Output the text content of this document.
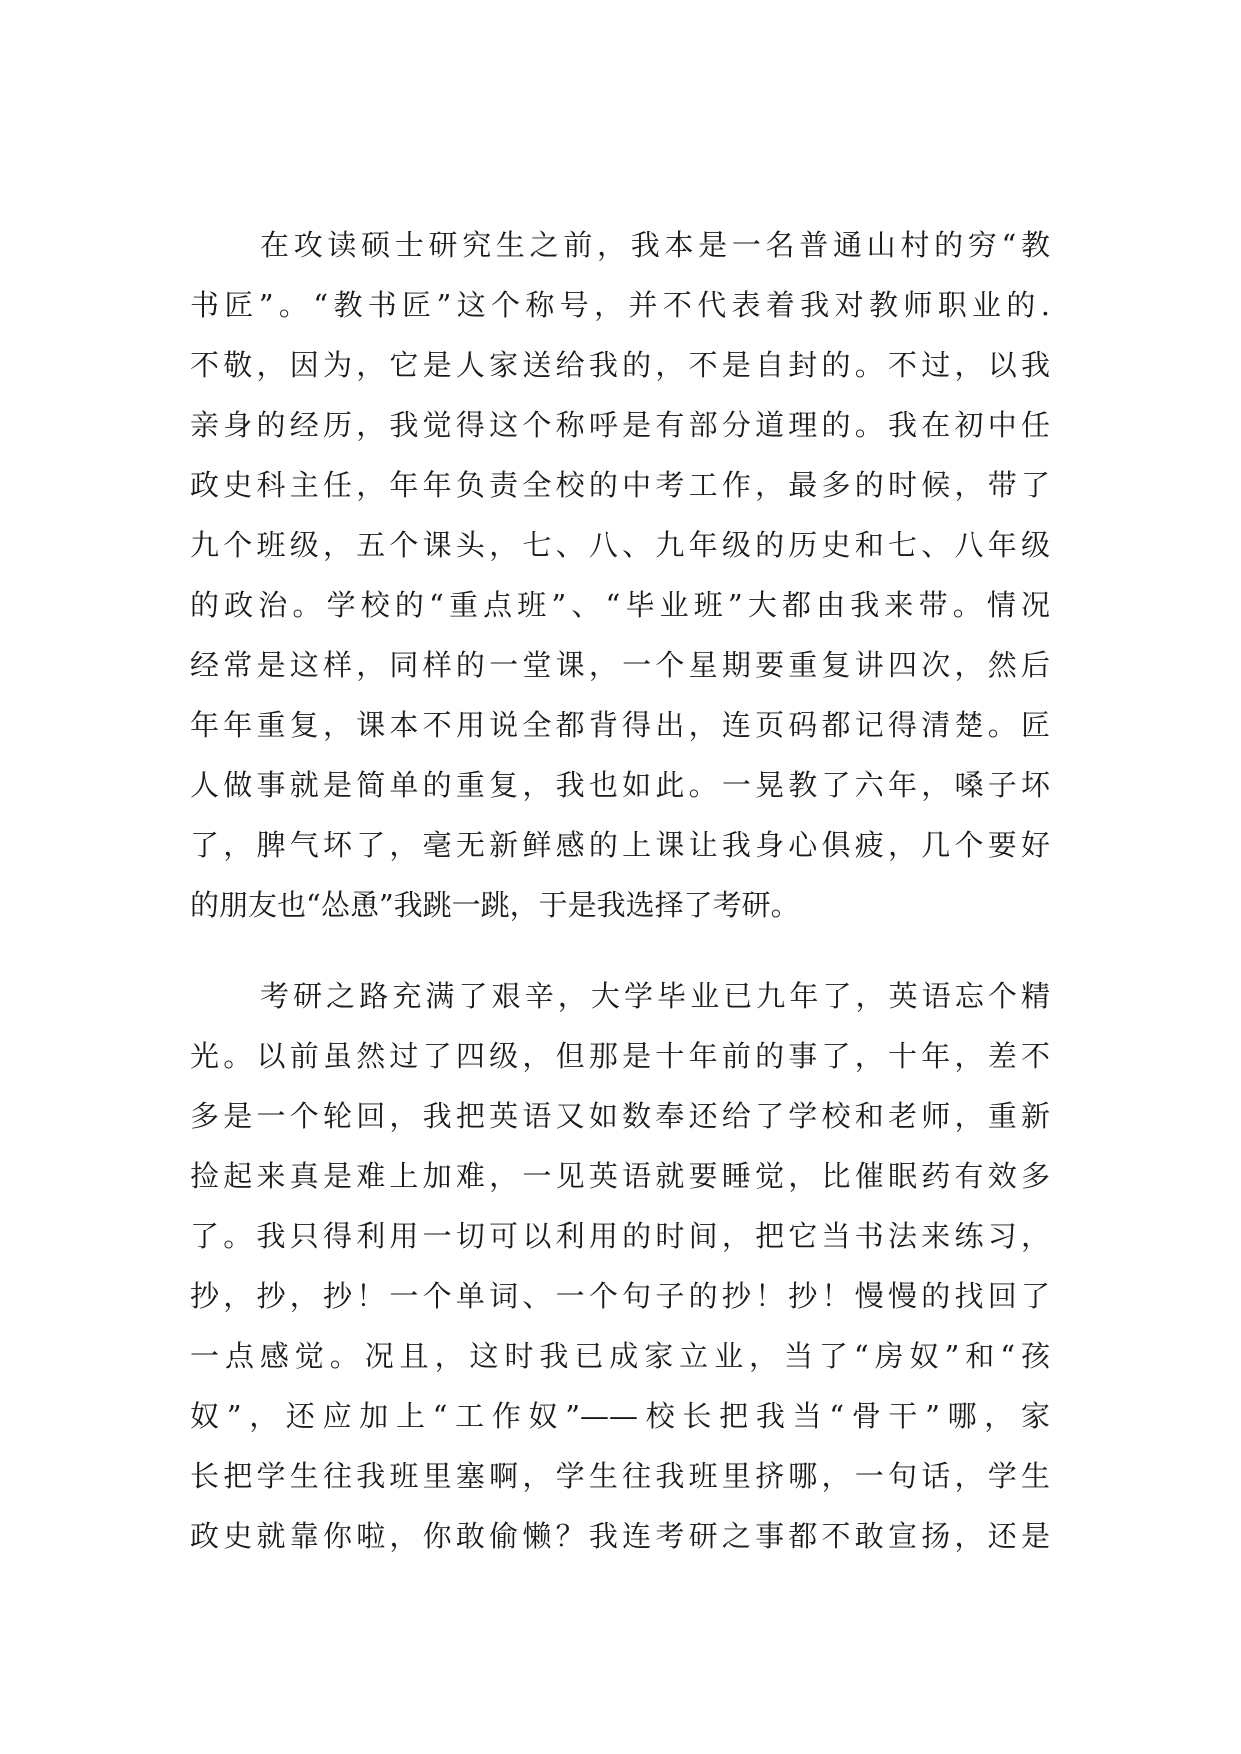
在攻读硕士研究生之前，我本是一名普通山村的穷“教
书匠”。“教书匠”这个称号，并不代表着我对教师职业的.
不敬，因为，它是人家送给我的，不是自封的。不过，以我
亲身的经历，我觉得这个称呼是有部分道理的。我在初中任
政史科主任，年年负责全校的中考工作，最多的时候，带了
九个班级，五个课头，七、八、九年级的历史和七、八年级
的政治。学校的“重点班”、“毕业班”大都由我来带。情况
经常是这样，同样的一堂课，一个星期要重复讲四次，然后
年年重复，课本不用说全都背得出，连页码都记得清楚。匠
人做事就是简单的重复，我也如此。一晃教了六年，嗓子坏
了，脾气坏了，毫无新鲜感的上课让我身心俱疲，几个要好
的朋友也“怂恿”我跳一跳，于是我选择了考研。
考研之路充满了艰辛，大学毕业已九年了，英语忘个精
光。以前虽然过了四级，但那是十年前的事了，十年，差不
多是一个轮回，我把英语又如数奉还给了学校和老师，重新
捡起来真是难上加难，一见英语就要睡觉，比催眠药有效多
了。我只得利用一切可以利用的时间，把它当书法来练习，
抄，抄，抄！一个单词、一个句子的抄！抄！慢慢的找回了
一点感觉。况且，这时我已成家立业，当了“房奴”和“孩
奴”，还应加上“工作奴”——校长把我当“骨干”哪，家
长把学生往我班里塞啊，学生往我班里挤哪，一句话，学生
政史就靠你啦，你敢偷懒？我连考研之事都不敢宣扬，还是
